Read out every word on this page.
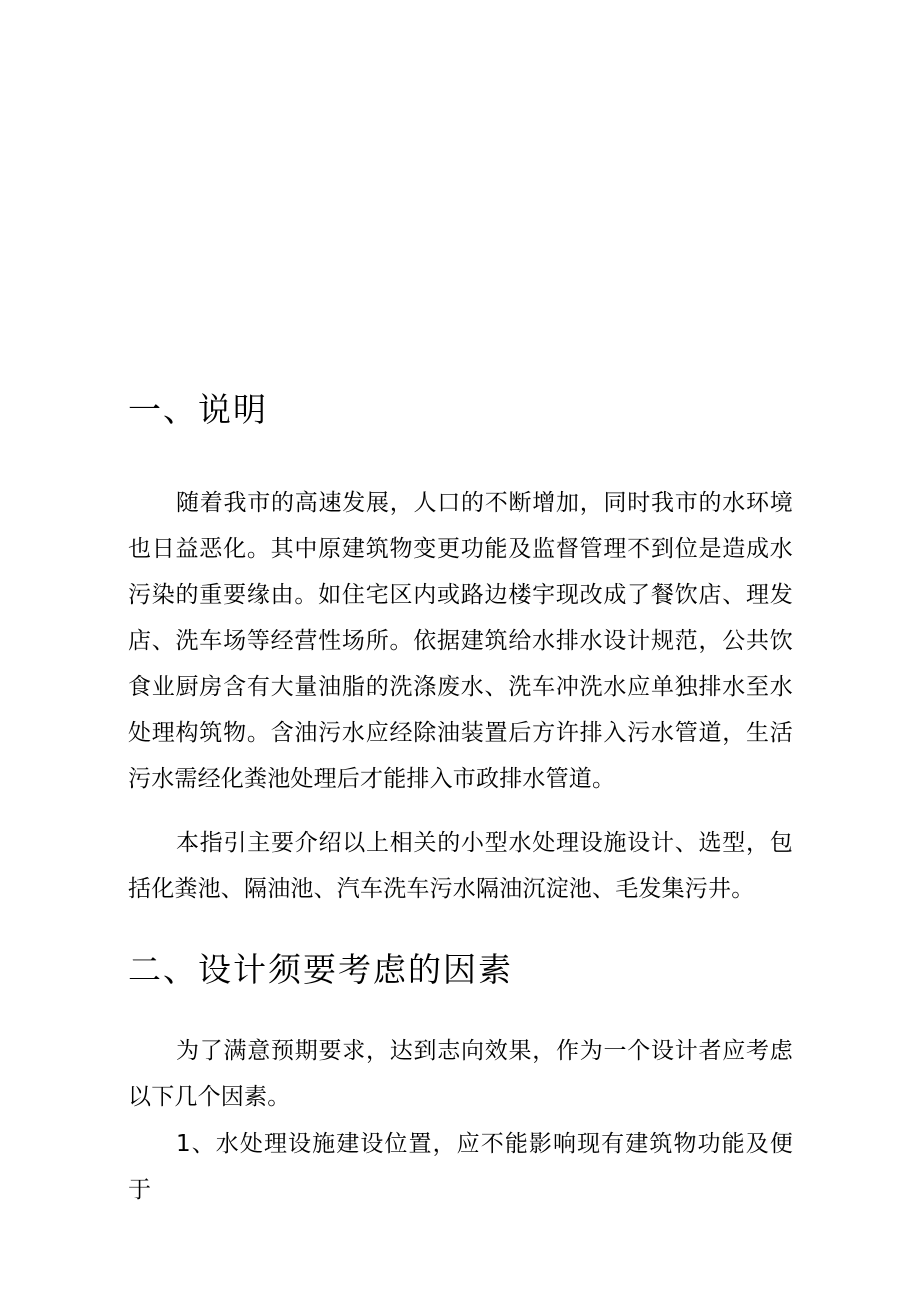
一、说明

随着我市的高速发展，人口的不断增加，同时我市的水环境也日益恶化。其中原建筑物变更功能及监督管理不到位是造成水污染的重要缘由。如住宅区内或路边楼宇现改成了餐饮店、理发店、洗车场等经营性场所。依据建筑给水排水设计规范，公共饮食业厨房含有大量油脂的洗涤废水、洗车冲洗水应单独排水至水处理构筑物。含油污水应经除油装置后方许排入污水管道，生活污水需经化粪池处理后才能排入市政排水管道。

本指引主要介绍以上相关的小型水处理设施设计、选型，包括化粪池、隔油池、汽车洗车污水隔油沉淀池、毛发集污井。

二、设计须要考虑的因素

为了满意预期要求，达到志向效果，作为一个设计者应考虑以下几个因素。

1、水处理设施建设位置，应不能影响现有建筑物功能及便于
